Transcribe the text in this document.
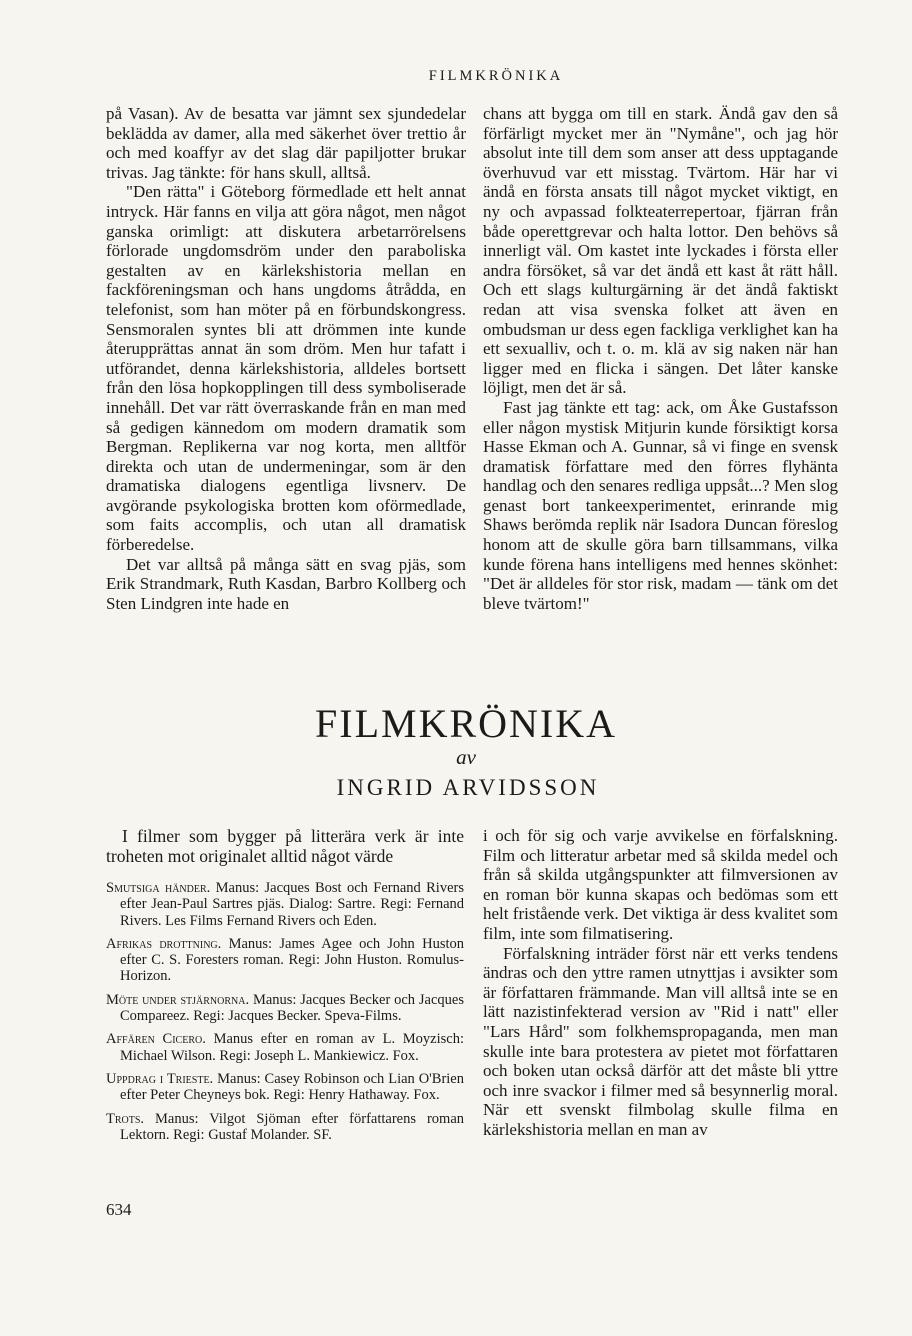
FILMKRÖNIKA

på Vasan). Av de besatta var jämnt sex sjundedelar beklädda av damer, alla med säkerhet över trettio år och med koaffyr av det slag där papiljotter brukar trivas. Jag tänkte: för hans skull, alltså.

"Den rätta" i Göteborg förmedlade ett helt annat intryck. Här fanns en vilja att göra något, men något ganska orimligt: att diskutera arbetarrörelsens förlorade ungdomsdröm under den paraboliska gestalten av en kärlekshistoria mellan en fackföreningsman och hans ungdoms åtrådda, en telefonist, som han möter på en förbundskongress. Sensmoralen syntes bli att drömmen inte kunde återupprättas annat än som dröm. Men hur tafatt i utförandet, denna kärlekshistoria, alldeles bortsett från den lösa hopkopplingen till dess symboliserade innehåll. Det var rätt överraskande från en man med så gedigen kännedom om modern dramatik som Bergman. Replikerna var nog korta, men alltför direkta och utan de undermeningar, som är den dramatiska dialogens egentliga livsnerv. De avgörande psykologiska brotten kom oförmedlade, som faits accomplis, och utan all dramatisk förberedelse.

Det var alltså på många sätt en svag pjäs, som Erik Strandmark, Ruth Kasdan, Barbro Kollberg och Sten Lindgren inte hade en

chans att bygga om till en stark. Ändå gav den så förfärligt mycket mer än "Nymåne", och jag hör absolut inte till dem som anser att dess upptagande överhuvud var ett misstag. Tvärtom. Här har vi ändå en första ansats till något mycket viktigt, en ny och avpassad folkteaterrepertoar, fjärran från både operettgrevar och halta lottor. Den behövs så innerligt väl. Om kastet inte lyckades i första eller andra försöket, så var det ändå ett kast åt rätt håll. Och ett slags kulturgärning är det ändå faktiskt redan att visa svenska folket att även en ombudsman ur dess egen fackliga verklighet kan ha ett sexualliv, och t. o. m. klä av sig naken när han ligger med en flicka i sängen. Det låter kanske löjligt, men det är så.

Fast jag tänkte ett tag: ack, om Åke Gustafsson eller någon mystisk Mitjurin kunde försiktigt korsa Hasse Ekman och A. Gunnar, så vi finge en svensk dramatisk författare med den förres flyhänta handlag och den senares redliga uppsåt...? Men slog genast bort tankeexperimentet, erinrande mig Shaws berömda replik när Isadora Duncan föreslog honom att de skulle göra barn tillsammans, vilka kunde förena hans intelligens med hennes skönhet: "Det är alldeles för stor risk, madam — tänk om det bleve tvärtom!"

FILMKRÖNIKA
av
INGRID ARVIDSSON

I filmer som bygger på litterära verk är inte troheten mot originalet alltid något värde

Smutsiga händer. Manus: Jacques Bost och Fernand Rivers efter Jean-Paul Sartres pjäs. Dialog: Sartre. Regi: Fernand Rivers. Les Films Fernand Rivers och Eden.
Afrikas drottning. Manus: James Agee och John Huston efter C. S. Foresters roman. Regi: John Huston. Romulus-Horizon.
Möte under stjärnorna. Manus: Jacques Becker och Jacques Compareez. Regi: Jacques Becker. Speva-Films.
Affären Cicero. Manus efter en roman av L. Moyzisch: Michael Wilson. Regi: Joseph L. Mankiewicz. Fox.
Uppdrag i Trieste. Manus: Casey Robinson och Lian O'Brien efter Peter Cheyneys bok. Regi: Henry Hathaway. Fox.
Trots. Manus: Vilgot Sjöman efter författarens roman Lektorn. Regi: Gustaf Molander. SF.

i och för sig och varje avvikelse en förfalskning. Film och litteratur arbetar med så skilda medel och från så skilda utgångspunkter att filmversionen av en roman bör kunna skapas och bedömas som ett helt fristående verk. Det viktiga är dess kvalitet som film, inte som filmatisering.

Förfalskning inträder först när ett verks tendens ändras och den yttre ramen utnyttjas i avsikter som är författaren främmande. Man vill alltså inte se en lätt nazistinfekterad version av "Rid i natt" eller "Lars Hård" som folkhemspropaganda, men man skulle inte bara protestera av pietet mot författaren och boken utan också därför att det måste bli yttre och inre svackor i filmer med så besynnerlig moral. När ett svenskt filmbolag skulle filma en kärlekshistoria mellan en man av

634
